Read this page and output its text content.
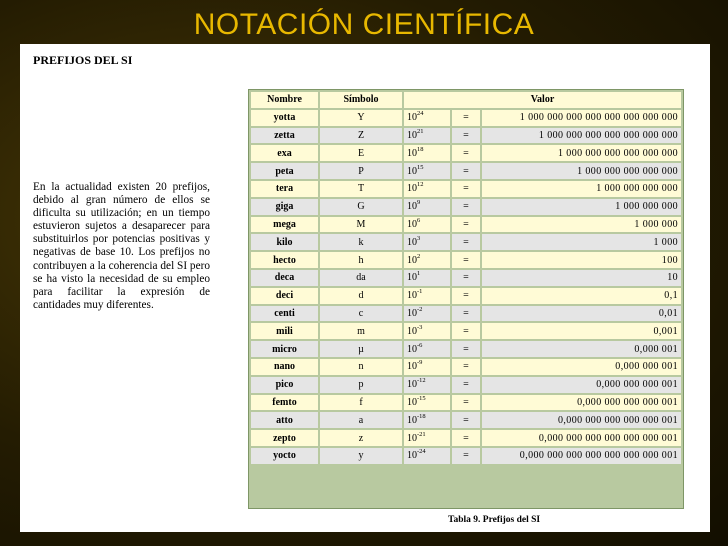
NOTACIÓN CIENTÍFICA
PREFIJOS DEL SI
En la actualidad existen 20 prefijos, debido al gran número de ellos se dificulta su utilización; en un tiempo estuvieron sujetos a desaparecer para substituirlos por potencias positivas y negativas de base 10. Los prefijos no contribuyen a la coherencia del SI pero se ha visto la necesidad de su empleo para facilitar la expresión de cantidades muy diferentes.
Nombre	Símbolo	Valor		
yotta	Y	$10^{24}$	=	1 000 000 000 000 000 000 000 000
zetta	Z	$10^{21}$	=	1 000 000 000 000 000 000 000
exa	E	$10^{18}$	=	1 000 000 000 000 000 000
peta	P	$10^{15}$	=	1 000 000 000 000 000
tera	T	$10^{12}$	=	1 000 000 000 000
giga	G	$10^9$	=	1 000 000 000
mega	M	$10^6$	=	1 000 000
kilo	k	$10^3$	=	1 000
hecto	h	$10^2$	=	100
deca	da	$10^1$	=	10
deci	d	$10^{-1}$	=	0,1
centi	c	$10^{-2}$	=	0,01
mili	m	$10^{-3}$	=	0,001
micro	µ	$10^{-6}$	=	0,000 001
nano	n	$10^{-9}$	=	0,000 000 001
pico	p	$10^{-12}$	=	0,000 000 000 001
femto	f	$10^{-15}$	=	0,000 000 000 000 001
atto	a	$10^{-18}$	=	0,000 000 000 000 000 001
zepto	z	$10^{-21}$	=	0,000 000 000 000 000 000 001
yocto	y	$10^{-24}$	=	0,000 000 000 000 000 000 000 001
Tabla 9. Prefijos del SI
